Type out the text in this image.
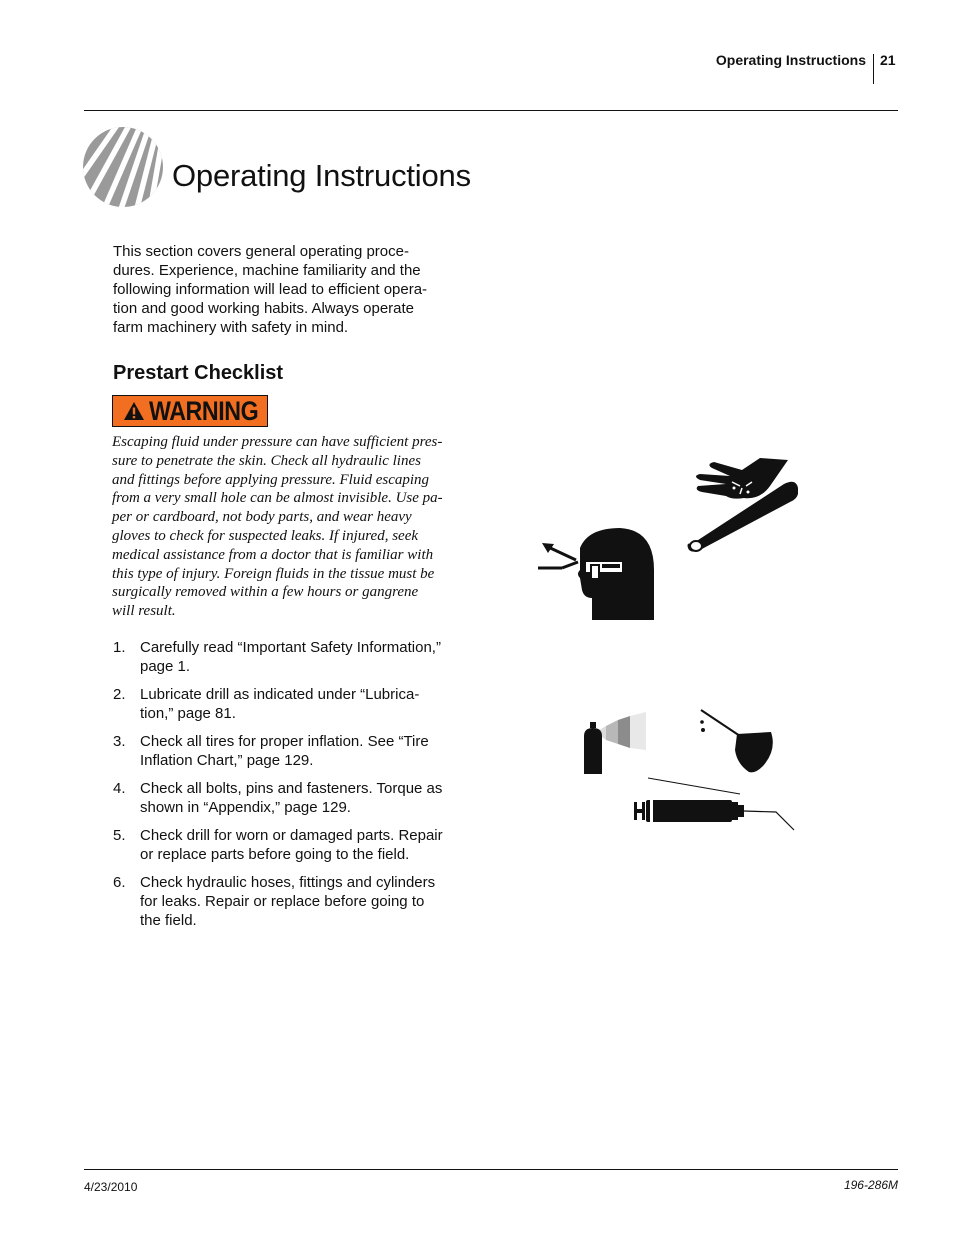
Operating Instructions 21
Operating Instructions
This section covers general operating proce-
dures. Experience, machine familiarity and the
following information will lead to efficient opera-
tion and good working habits. Always operate
farm machinery with safety in mind.
Prestart Checklist
WARNING
Escaping fluid under pressure can have sufficient pres-
sure to penetrate the skin. Check all hydraulic lines
and fittings before applying pressure. Fluid escaping
from a very small hole can be almost invisible. Use pa-
per or cardboard, not body parts, and wear heavy
gloves to check for suspected leaks. If injured, seek
medical assistance from a doctor that is familiar with
this type of injury. Foreign fluids in the tissue must be
surgically removed within a few hours or gangrene
will result.
1. Carefully read “Important Safety Information,”
page 1.
2. Lubricate drill as indicated under “Lubrica-
tion,” page 81.
3. Check all tires for proper inflation. See “Tire
Inflation Chart,” page 129.
4. Check all bolts, pins and fasteners. Torque as
shown in “Appendix,” page 129.
5. Check drill for worn or damaged parts. Repair
or replace parts before going to the field.
6. Check hydraulic hoses, fittings and cylinders
for leaks. Repair or replace before going to
the field.
4/23/2010	196-286M
